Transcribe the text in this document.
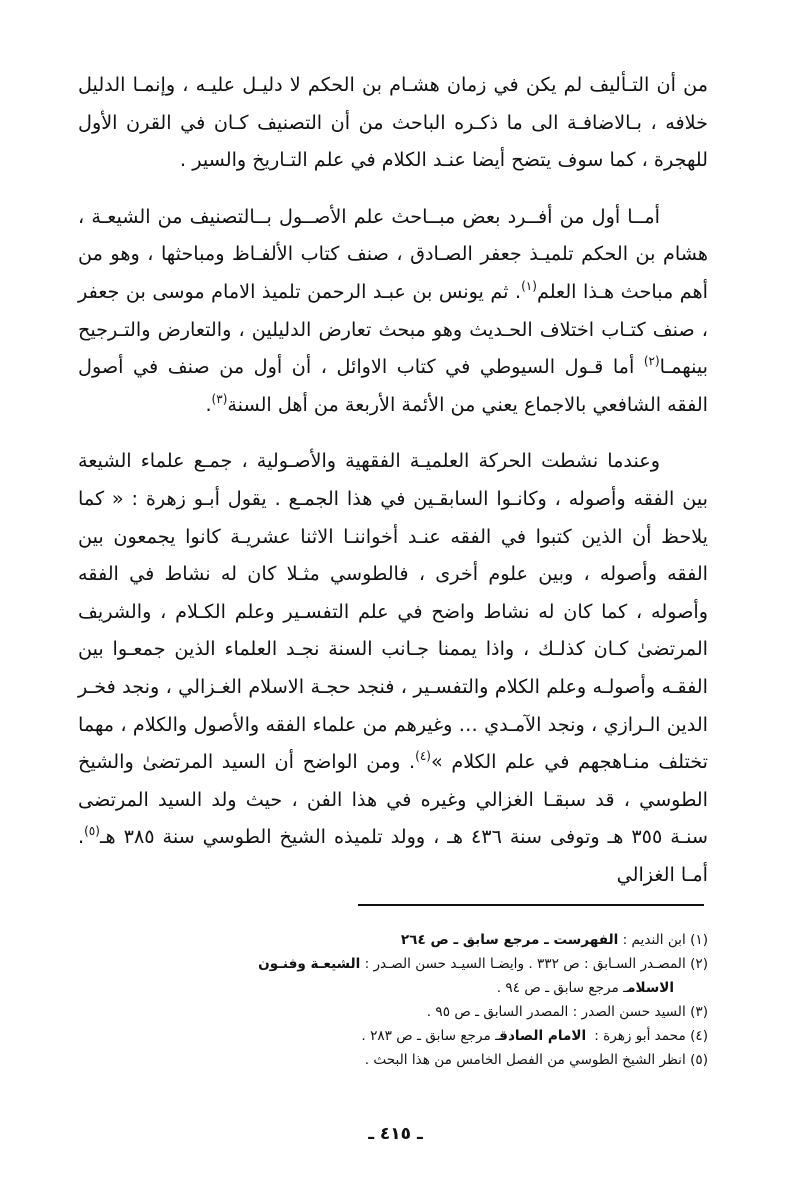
من أن التـأليف لم يكن في زمان هشـام بن الحكم لا دليـل عليـه ، وإنمـا الدليل خلافه ، بـالاضافـة الى ما ذكـره الباحث من أن التصنيف كـان في القرن الأول للهجرة ، كما سوف يتضح أيضا عنـد الكلام في علم التـاريخ والسير .

أمــا أول من أفــرد بعض مبــاحث علم الأصــول بــالتصنيف من الشيعـة ، هشام بن الحكم تلميـذ جعفر الصـادق ، صنف كتاب الألفـاظ ومباحثها ، وهو من أهم مباحث هـذا العلم$^{(١)}$. ثم يونس بن عبـد الرحمن تلميذ الامام موسى بن جعفر ، صنف كتـاب اختلاف الحـديث وهو مبحث تعارض الدليلين ، والتعارض والتـرجيح بينهمـا$^{(٢)}$ أما قـول السيوطي في كتاب الاوائل ، أن أول من صنف في أصول الفقه الشافعي بالاجماع يعني من الأئمة الأربعة من أهل السنة$^{(٣)}$.

وعندما نشطت الحركة العلميـة الفقهية والأصـولية ، جمـع علماء الشيعة بين الفقه وأصوله ، وكانـوا السابقـين في هذا الجمـع . يقول أبـو زهرة : « كما يلاحظ أن الذين كتبوا في الفقه عنـد أخواننـا الاثنا عشريـة كانوا يجمعون بين الفقه وأصوله ، وبين علوم أخرى ، فالطوسي مثـلا كان له نشاط في الفقه وأصوله ، كما كان له نشاط واضح في علم التفسـير وعلم الكـلام ، والشريف المرتضىٰ كـان كذلـك ، واذا يممنا جـانب السنة نجـد العلماء الذين جمعـوا بين الفقـه وأصولـه وعلم الكلام والتفسـير ، فنجد حجـة الاسلام الغـزالي ، ونجد فخـر الدين الـرازي ، ونجد الآمـدي … وغيرهم من علماء الفقه والأصول والكلام ، مهما تختلف منـاهجهم في علم الكلام »$^{(٤)}$. ومن الواضح أن السيد المرتضىٰ والشيخ الطوسي ، قد سبقـا الغزالي وغيره في هذا الفن ، حيث ولد السيد المرتضى سنـة ٣٥٥ هـ وتوفى سنة ٤٣٦ هـ ، وولد تلميذه الشيخ الطوسي سنة ٣٨٥ هـ$^{(٥)}$. أمـا الغزالي

(١) ابن النديم : الفهرست ـ مرجع سابق ـ ص ٢٦٤

(٢) المصـدر السـابق : ص ٣٣٢ . وايضـا السيـد حسن الصـدر : الشيعـة وفنـون

الاسلامـ مرجع سابق ـ ص ٩٤ .

(٣) السيد حسن الصدر : المصدر السابق ـ ص ٩٥ .

(٤) محمد أبو زهرة :الامام الصادقـ مرجع سابق ـ ص ٢٨٣ .

(٥) انظر الشيخ الطوسي من الفصل الخامس من هذا البحث .

ـ ٤١٥ ـ
